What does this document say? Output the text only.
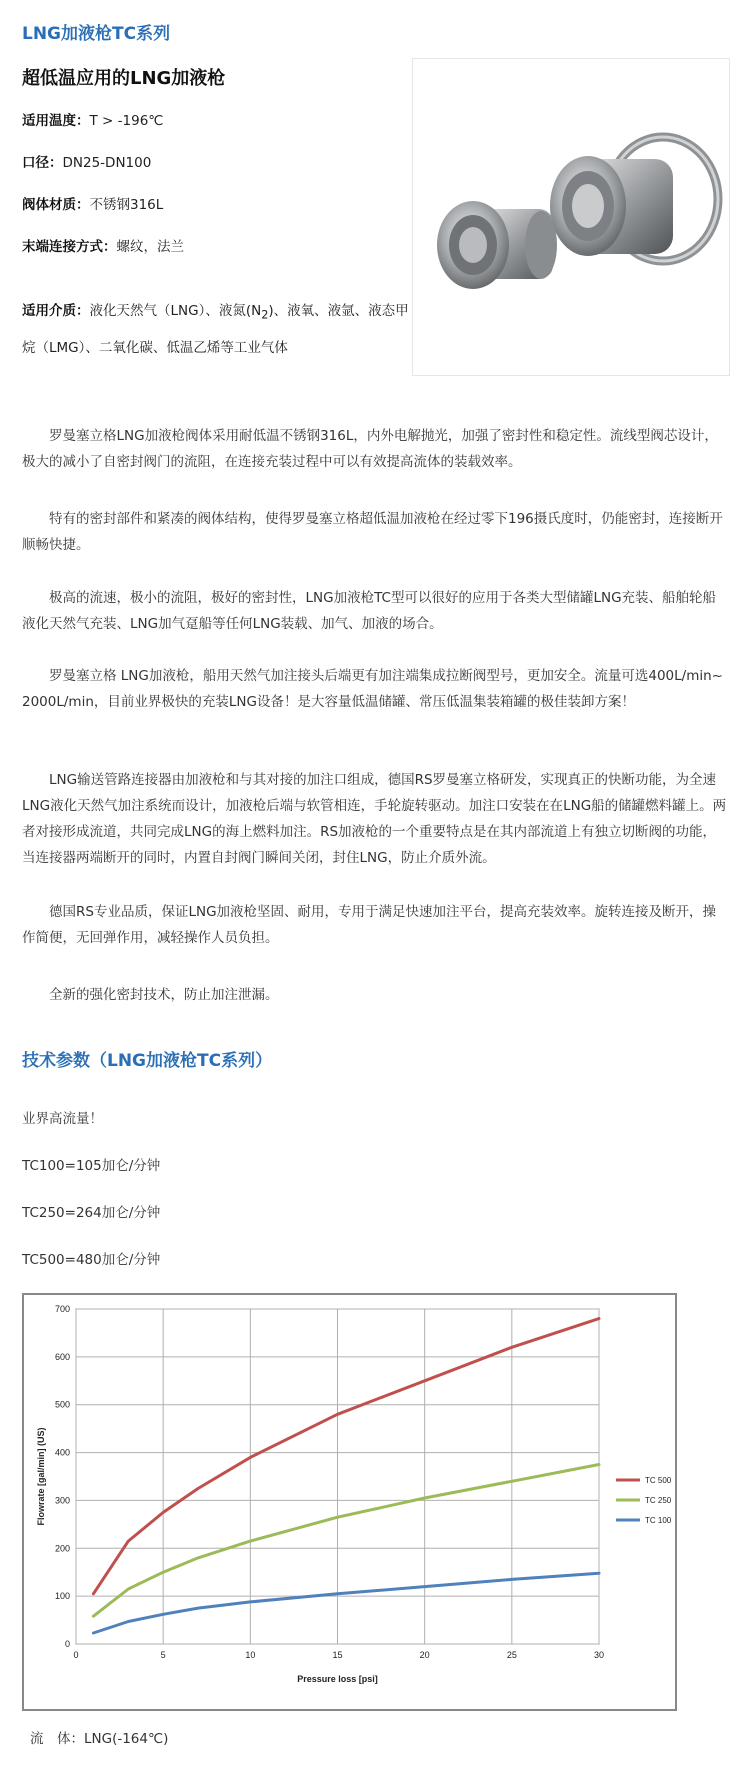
LNG加液枪TC系列
超低温应用的LNG加液枪

适用温度：T > -196℃

口径：DN25-DN100

阀体材质：不锈钢316L

末端连接方式：螺纹，法兰

适用介质：液化天然气（LNG）、液氮$(N_2)$、液氧、液氩、液态甲烷（LMG）、二氧化碳、低温乙烯等工业气体

罗曼塞立格LNG加液枪阀体采用耐低温不锈钢316L，内外电解抛光，加强了密封性和稳定性。流线型阀芯设计，极大的减小了自密封阀门的流阻，在连接充装过程中可以有效提高流体的装载效率。

特有的密封部件和紧凑的阀体结构，使得罗曼塞立格超低温加液枪在经过零下196摄氏度时，仍能密封，连接断开顺畅快捷。

极高的流速，极小的流阻，极好的密封性，LNG加液枪TC型可以很好的应用于各类大型储罐LNG充装、船舶轮船液化天然气充装、LNG加气趸船等任何LNG装载、加气、加液的场合。

罗曼塞立格 LNG加液枪，船用天然气加注接头后端更有加注端集成拉断阀型号，更加安全。流量可选400L/min~ 2000L/min，目前业界极快的充装LNG设备！是大容量低温储罐、常压低温集装箱罐的极佳装卸方案！

LNG输送管路连接器由加液枪和与其对接的加注口组成，德国RS罗曼塞立格研发，实现真正的快断功能，为全速LNG液化天然气加注系统而设计，加液枪后端与软管相连，手轮旋转驱动。加注口安装在在LNG船的储罐燃料罐上。两者对接形成流道，共同完成LNG的海上燃料加注。RS加液枪的一个重要特点是在其内部流道上有独立切断阀的功能，当连接器两端断开的同时，内置自封阀门瞬间关闭，封住LNG，防止介质外流。

德国RS专业品质，保证LNG加液枪坚固、耐用，专用于满足快速加注平台，提高充装效率。旋转连接及断开，操作简便，无回弹作用，减轻操作人员负担。

全新的强化密封技术，防止加注泄漏。

技术参数（LNG加液枪TC系列）

业界高流量！

TC100=105加仑/分钟

TC250=264加仑/分钟

TC500=480加仑/分钟

0
100
200
300
400
500
600
700
0	5	10	15	20	25	30
Pressure loss [psi]
Flowrate [gal/min] (US)	TC 500
TC 250
TC 100

流　体：LNG(-164℃)
